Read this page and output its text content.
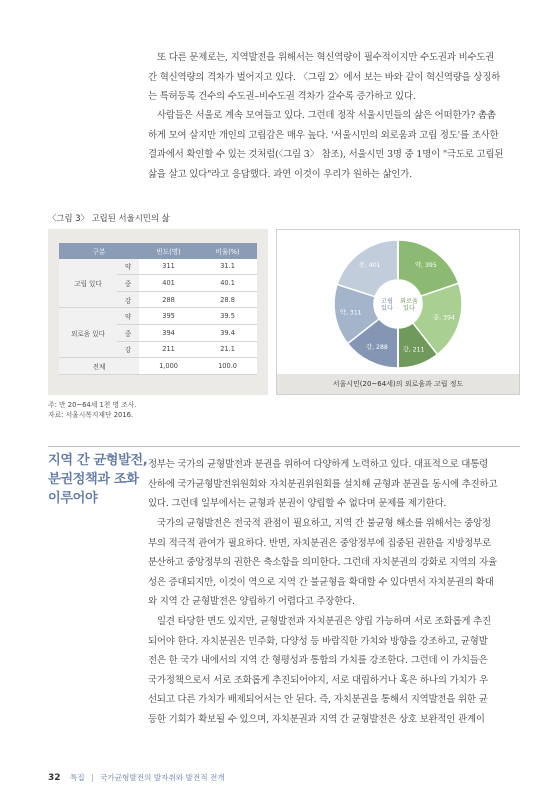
또 다른 문제로는, 지역발전을 위해서는 혁신역량이 필수적이지만 수도권과 비수도권
간 혁신역량의 격차가 벌어지고 있다. 〈그림 2〉에서 보는 바와 같이 혁신역량을 상징하
는 특허등록 건수의 수도권–비수도권 격차가 갈수록 증가하고 있다.

사람들은 서울로 계속 모여들고 있다. 그런데 정작 서울시민들의 삶은 어떠한가? 촘촘
하게 모여 살지만 개인의 고립감은 매우 높다. '서울시민의 외로움과 고립 정도'를 조사한
결과에서 확인할 수 있는 것처럼(〈그림 3〉 참조), 서울시민 3명 중 1명이 "극도로 고립된
삶을 살고 있다"라고 응답했다. 과연 이것이 우리가 원하는 삶인가.

〈그림 3〉 고립된 서울시민의 삶
구분		빈도(명)	비율(%)
고립 있다	약	311	31.1
	중	401	40.1
	강	288	28.8
외로움 있다	약	395	39.5
	중	394	39.4
	강	211	21.1
전체		1,000	100.0
강, 288
약, 311
중, 401
고립 있다
약, 395
중, 394
강, 211
외로움 있다
서울시민(20~64세)의 외로움과 고립 정도
주: 만 20~64세 1천 명 조사.
자료: 서울시복지재단 2016.
지역 간 균형발전,
분권정책과 조화
이루어야

정부는 국가의 균형발전과 분권을 위하여 다양하게 노력하고 있다. 대표적으로 대통령
산하에 국가균형발전위원회와 자치분권위원회를 설치해 균형과 분권을 동시에 추진하고
있다. 그런데 일부에서는 균형과 분권이 양립할 수 없다며 문제를 제기한다.

국가의 균형발전은 전국적 관점이 필요하고, 지역 간 불균형 해소를 위해서는 중앙정
부의 적극적 관여가 필요하다. 반면, 자치분권은 중앙정부에 집중된 권한을 지방정부로
분산하고 중앙정부의 권한은 축소함을 의미한다. 그런데 자치분권의 강화로 지역의 자율
성은 증대되지만, 이것이 역으로 지역 간 불균형을 확대할 수 있다면서 자치분권의 확대
와 지역 간 균형발전은 양립하기 어렵다고 주장한다.

일견 타당한 면도 있지만, 균형발전과 자치분권은 양립 가능하며 서로 조화롭게 추진
되어야 한다. 자치분권은 민주화, 다양성 등 바람직한 가치와 방향을 강조하고, 균형발
전은 한 국가 내에서의 지역 간 형평성과 통합의 가치를 강조한다. 그런데 이 가치들은
국가정책으로서 서로 조화롭게 추진되어야지, 서로 대립하거나 혹은 하나의 가치가 우
선되고 다른 가치가 배제되어서는 안 된다. 즉, 자치분권을 통해서 지역발전을 위한 균
등한 기회가 확보될 수 있으며, 자치분권과 지역 간 균형발전은 상호 보완적인 관계이

32 특집 | 국가균형발전의 발자취와 발전적 전개
